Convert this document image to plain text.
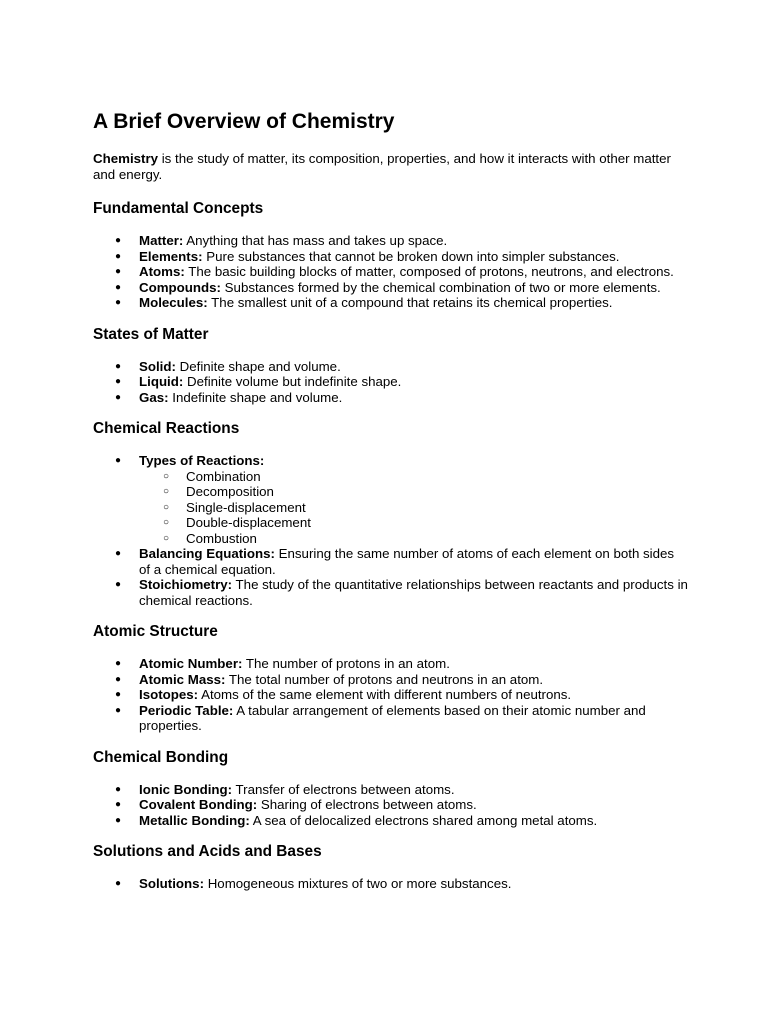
A Brief Overview of Chemistry

Chemistry is the study of matter, its composition, properties, and how it interacts with other matter and energy.

Fundamental Concepts
● Matter: Anything that has mass and takes up space.
● Elements: Pure substances that cannot be broken down into simpler substances.
● Atoms: The basic building blocks of matter, composed of protons, neutrons, and electrons.
● Compounds: Substances formed by the chemical combination of two or more elements.
● Molecules: The smallest unit of a compound that retains its chemical properties.
States of Matter
● Solid: Definite shape and volume.
● Liquid: Definite volume but indefinite shape.
● Gas: Indefinite shape and volume.
Chemical Reactions
● Types of Reactions:
○ Combination
○ Decomposition
○ Single-displacement
○ Double-displacement
○ Combustion
● Balancing Equations: Ensuring the same number of atoms of each element on both sides of a chemical equation.
● Stoichiometry: The study of the quantitative relationships between reactants and products in chemical reactions.
Atomic Structure
● Atomic Number: The number of protons in an atom.
● Atomic Mass: The total number of protons and neutrons in an atom.
● Isotopes: Atoms of the same element with different numbers of neutrons.
● Periodic Table: A tabular arrangement of elements based on their atomic number and properties.
Chemical Bonding
● Ionic Bonding: Transfer of electrons between atoms.
● Covalent Bonding: Sharing of electrons between atoms.
● Metallic Bonding: A sea of delocalized electrons shared among metal atoms.
Solutions and Acids and Bases
● Solutions: Homogeneous mixtures of two or more substances.
